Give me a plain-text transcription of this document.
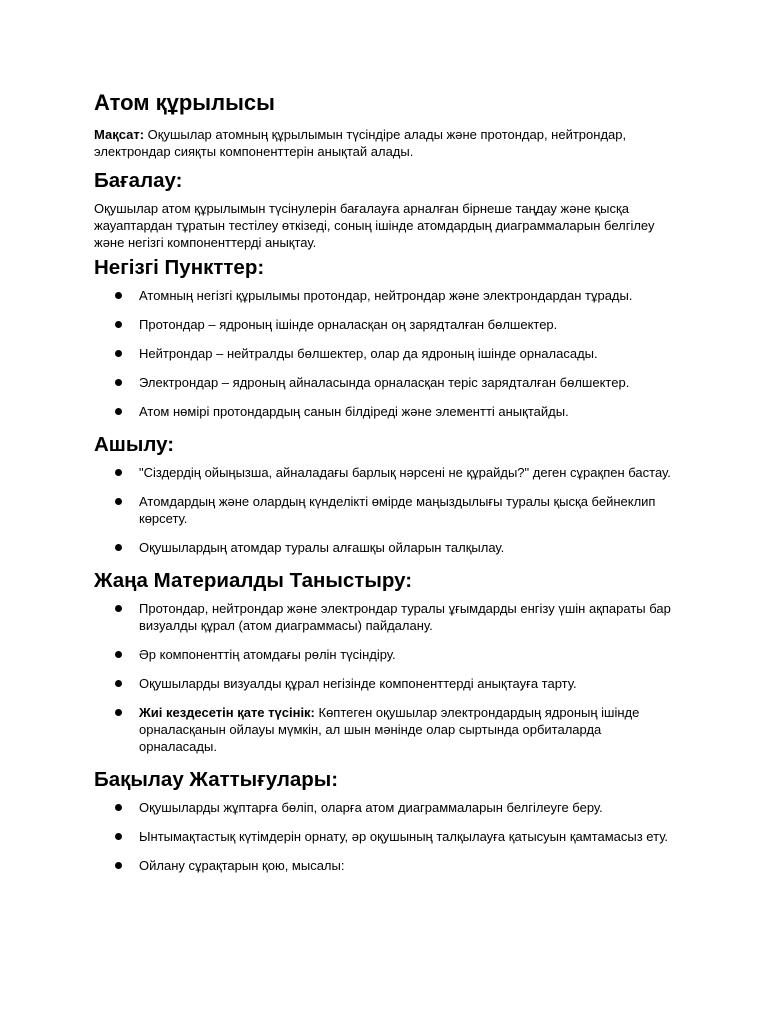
Атом құрылысы

Мақсат: Оқушылар атомның құрылымын түсіндіре алады және протондар, нейтрондар, электрондар сияқты компоненттерін анықтай алады.

Бағалау:

Оқушылар атом құрылымын түсінулерін бағалауға арналған бірнеше таңдау және қысқа жауаптардан тұратын тестілеу өткізеді, соның ішінде атомдардың диаграммаларын белгілеу және негізгі компоненттерді анықтау.

Негізгі Пункттер:
Атомның негізгі құрылымы протондар, нейтрондар және электрондардан тұрады.
Протондар – ядроның ішінде орналасқан оң зарядталған бөлшектер.
Нейтрондар – нейтралды бөлшектер, олар да ядроның ішінде орналасады.
Электрондар – ядроның айналасында орналасқан теріс зарядталған бөлшектер.
Атом нөмірі протондардың санын білдіреді және элементті анықтайды.
Ашылу:
"Сіздердің ойыңызша, айналадағы барлық нәрсені не құрайды?" деген сұрақпен бастау.
Атомдардың және олардың күнделікті өмірде маңыздылығы туралы қысқа бейнеклип көрсету.
Оқушылардың атомдар туралы алғашқы ойларын талқылау.
Жаңа Материалды Таныстыру:
Протондар, нейтрондар және электрондар туралы ұғымдарды енгізу үшін ақпараты бар визуалды құрал (атом диаграммасы) пайдалану.
Әр компоненттің атомдағы рөлін түсіндіру.
Оқушыларды визуалды құрал негізінде компоненттерді анықтауға тарту.
Жиі кездесетін қате түсінік: Көптеген оқушылар электрондардың ядроның ішінде орналасқанын ойлауы мүмкін, ал шын мәнінде олар сыртында орбиталарда орналасады.
Бақылау Жаттығулары:
Оқушыларды жұптарға бөліп, оларға атом диаграммаларын белгілеуге беру.
Ынтымақтастық күтімдерін орнату, әр оқушының талқылауға қатысуын қамтамасыз ету.
Ойлану сұрақтарын қою, мысалы:
